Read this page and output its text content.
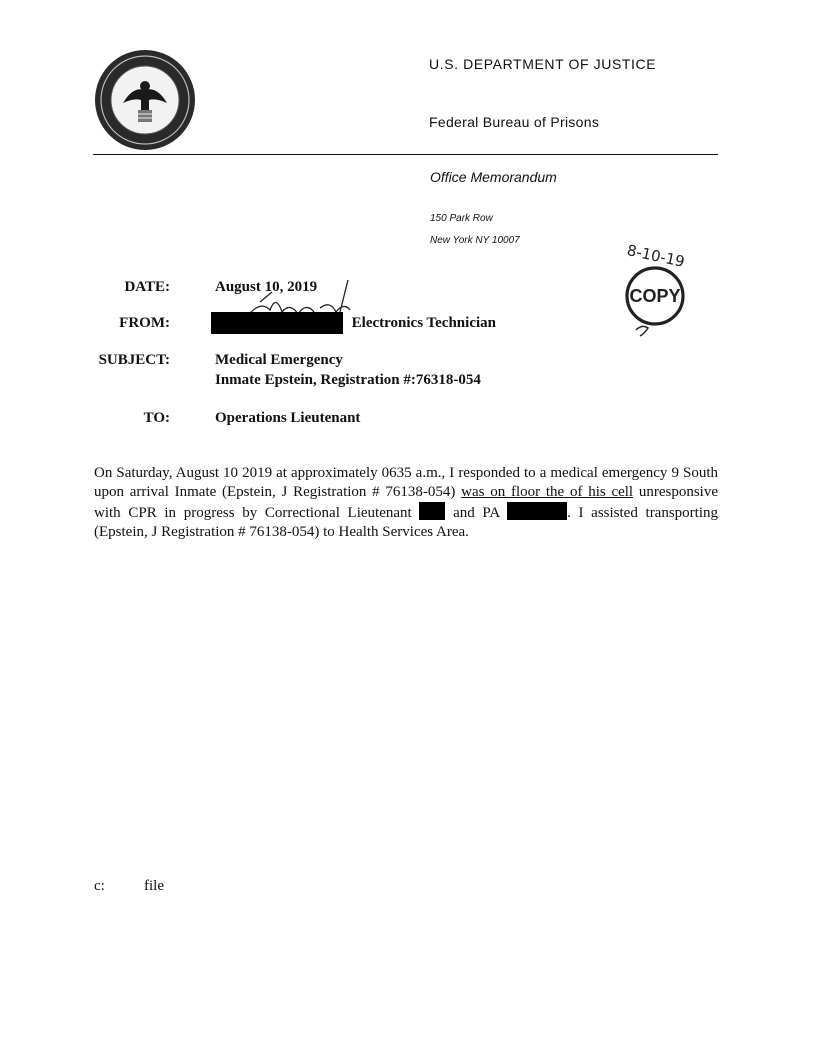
U.S. DEPARTMENT OF JUSTICE
Federal Bureau of Prisons
Office Memorandum
150 Park Row
New York NY 10007
COPY
8-10-19
DATE:	August 10, 2019
FROM:	Electronics Technician
SUBJECT:	Medical Emergency
Inmate Epstein, Registration #:76318-054
TO:	Operations Lieutenant
On Saturday, August 10 2019 at approximately 0635 a.m., I responded to a medical emergency 9 South upon arrival Inmate (Epstein, J Registration # 76138-054) was on floor the of his cell unresponsive with CPR in progress by Correctional Lieutenant	and PA	. I assisted transporting (Epstein, J Registration # 76138-054) to Health Services Area.
c:	file
